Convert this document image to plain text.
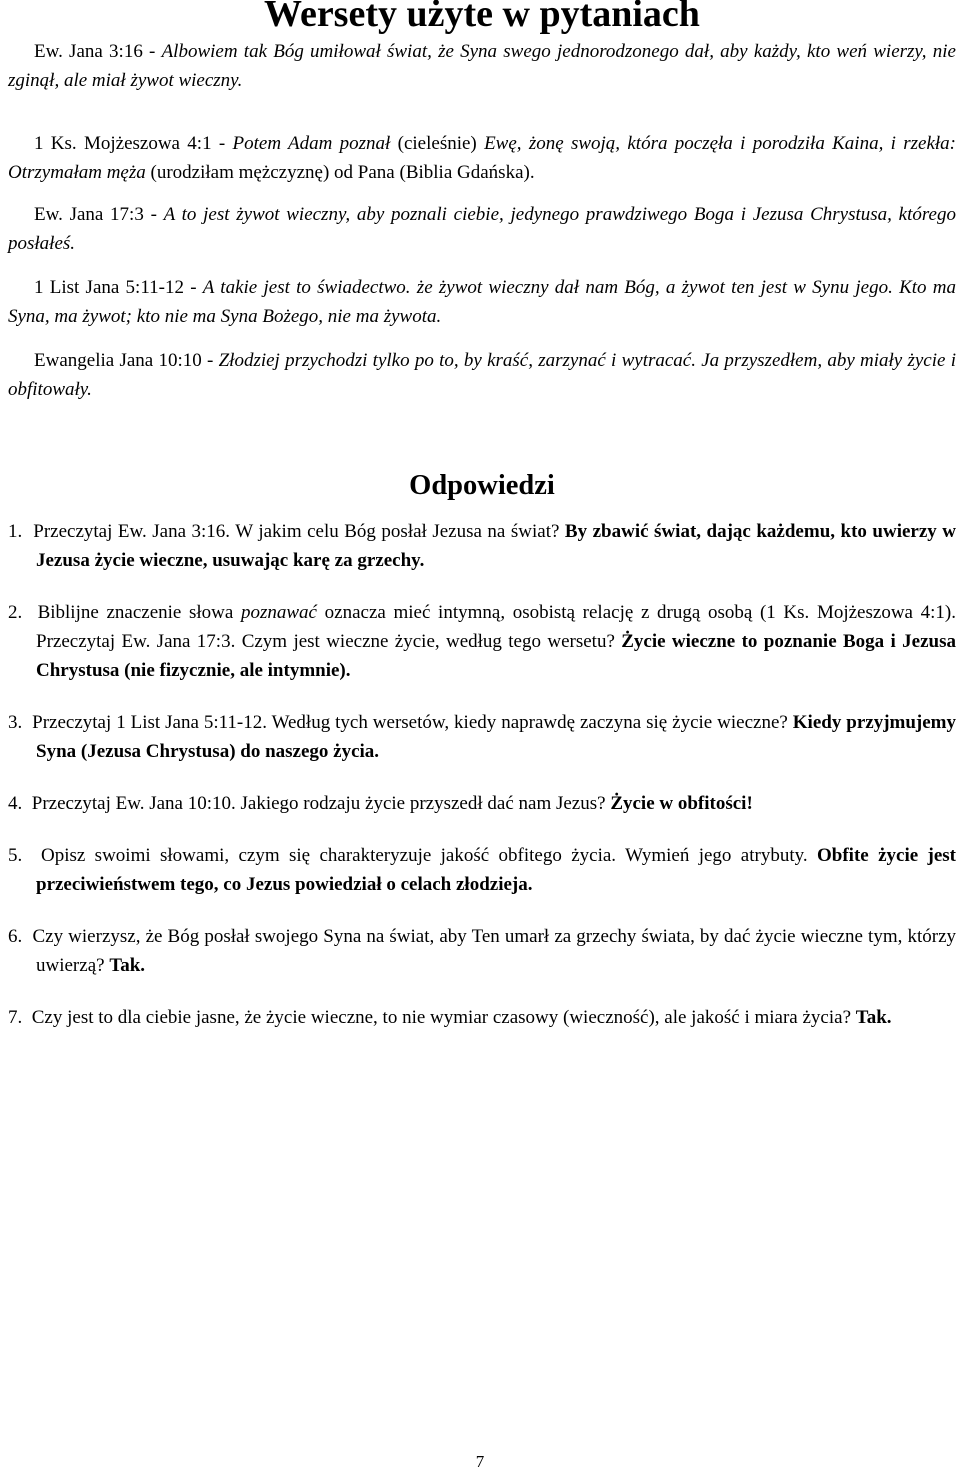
Wersety użyte w pytaniach

Ew. Jana 3:16 - Albowiem tak Bóg umiłował świat, że Syna swego jednorodzonego dał, aby każdy, kto weń wierzy, nie zginął, ale miał żywot wieczny.

1 Ks. Mojżeszowa 4:1 - Potem Adam poznał (cieleśnie) Ewę, żonę swoją, która poczęła i porodziła Kaina, i rzekła: Otrzymałam męża (urodziłam mężczyznę) od Pana (Biblia Gdańska).

Ew. Jana 17:3 - A to jest żywot wieczny, aby poznali ciebie, jedynego prawdziwego Boga i Jezusa Chrystusa, którego posłałeś.

1 List Jana 5:11-12 - A takie jest to świadectwo. że żywot wieczny dał nam Bóg, a żywot ten jest w Synu jego. Kto ma Syna, ma żywot; kto nie ma Syna Bożego, nie ma żywota.

Ewangelia Jana 10:10 - Złodziej przychodzi tylko po to, by kraść, zarzynać i wytracać. Ja przyszedłem, aby miały życie i obfitowały.

Odpowiedzi

1. Przeczytaj Ew. Jana 3:16. W jakim celu Bóg posłał Jezusa na świat? By zbawić świat, dając każdemu, kto uwierzy w Jezusa życie wieczne, usuwając karę za grzechy.

2. Biblijne znaczenie słowa poznawać oznacza mieć intymną, osobistą relację z drugą osobą (1 Ks. Mojżeszowa 4:1). Przeczytaj Ew. Jana 17:3. Czym jest wieczne życie, według tego wersetu? Życie wieczne to poznanie Boga i Jezusa Chrystusa (nie fizycznie, ale intymnie).

3. Przeczytaj 1 List Jana 5:11-12. Według tych wersetów, kiedy naprawdę zaczyna się życie wieczne? Kiedy przyjmujemy Syna (Jezusa Chrystusa) do naszego życia.

4. Przeczytaj Ew. Jana 10:10. Jakiego rodzaju życie przyszedł dać nam Jezus? Życie w obfitości!

5. Opisz swoimi słowami, czym się charakteryzuje jakość obfitego życia. Wymień jego atrybuty. Obfite życie jest przeciwieństwem tego, co Jezus powiedział o celach złodzieja.

6. Czy wierzysz, że Bóg posłał swojego Syna na świat, aby Ten umarł za grzechy świata, by dać życie wieczne tym, którzy uwierzą? Tak.

7. Czy jest to dla ciebie jasne, że życie wieczne, to nie wymiar czasowy (wieczność), ale jakość i miara życia? Tak.

7
